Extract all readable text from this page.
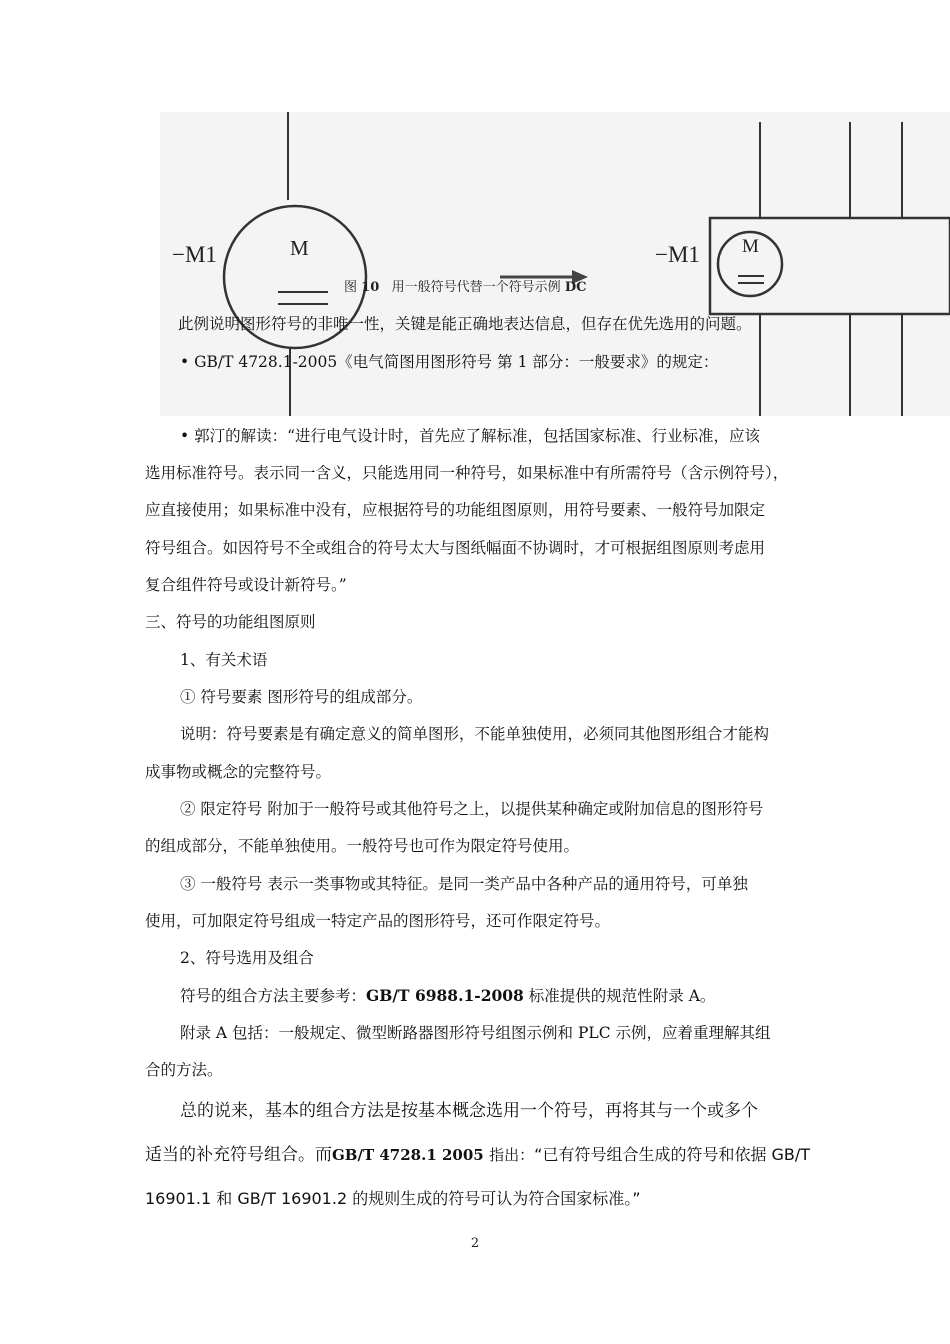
−M1	M	−M1 M
图 10 用一般符号代替一个符号示例 DC
此例说明图形符号的非唯一性，关键是能正确地表达信息，但存在优先选用的问题。
• GB/T 4728.1-2005《电气简图用图形符号 第 1 部分：一般要求》的规定：
• 郭汀的解读：“进行电气设计时，首先应了解标准，包括国家标准、行业标准，应该
选用标准符号。表示同一含义，只能选用同一种符号，如果标准中有所需符号（含示例符号），
应直接使用；如果标准中没有，应根据符号的功能组图原则，用符号要素、一般符号加限定
符号组合。如因符号不全或组合的符号太大与图纸幅面不协调时，才可根据组图原则考虑用
复合组件符号或设计新符号。”
三、符号的功能组图原则
1、有关术语
① 符号要素 图形符号的组成部分。
说明：符号要素是有确定意义的简单图形，不能单独使用，必须同其他图形组合才能构
成事物或概念的完整符号。
② 限定符号 附加于一般符号或其他符号之上，以提供某种确定或附加信息的图形符号
的组成部分，不能单独使用。一般符号也可作为限定符号使用。
③ 一般符号 表示一类事物或其特征。是同一类产品中各种产品的通用符号，可单独
使用，可加限定符号组成一特定产品的图形符号，还可作限定符号。
2、符号选用及组合
符号的组合方法主要参考：GB/T 6988.1-2008 标准提供的规范性附录 A。
附录 A 包括：一般规定、微型断路器图形符号组图示例和 PLC 示例，应着重理解其组
合的方法。
总的说来，基本的组合方法是按基本概念选用一个符号，再将其与一个或多个
适当的补充符号组合。而GB/T 4728.1 2005 指出：“已有符号组合生成的符号和依据 GB/T
16901.1 和 GB/T 16901.2 的规则生成的符号可认为符合国家标准。”
2
